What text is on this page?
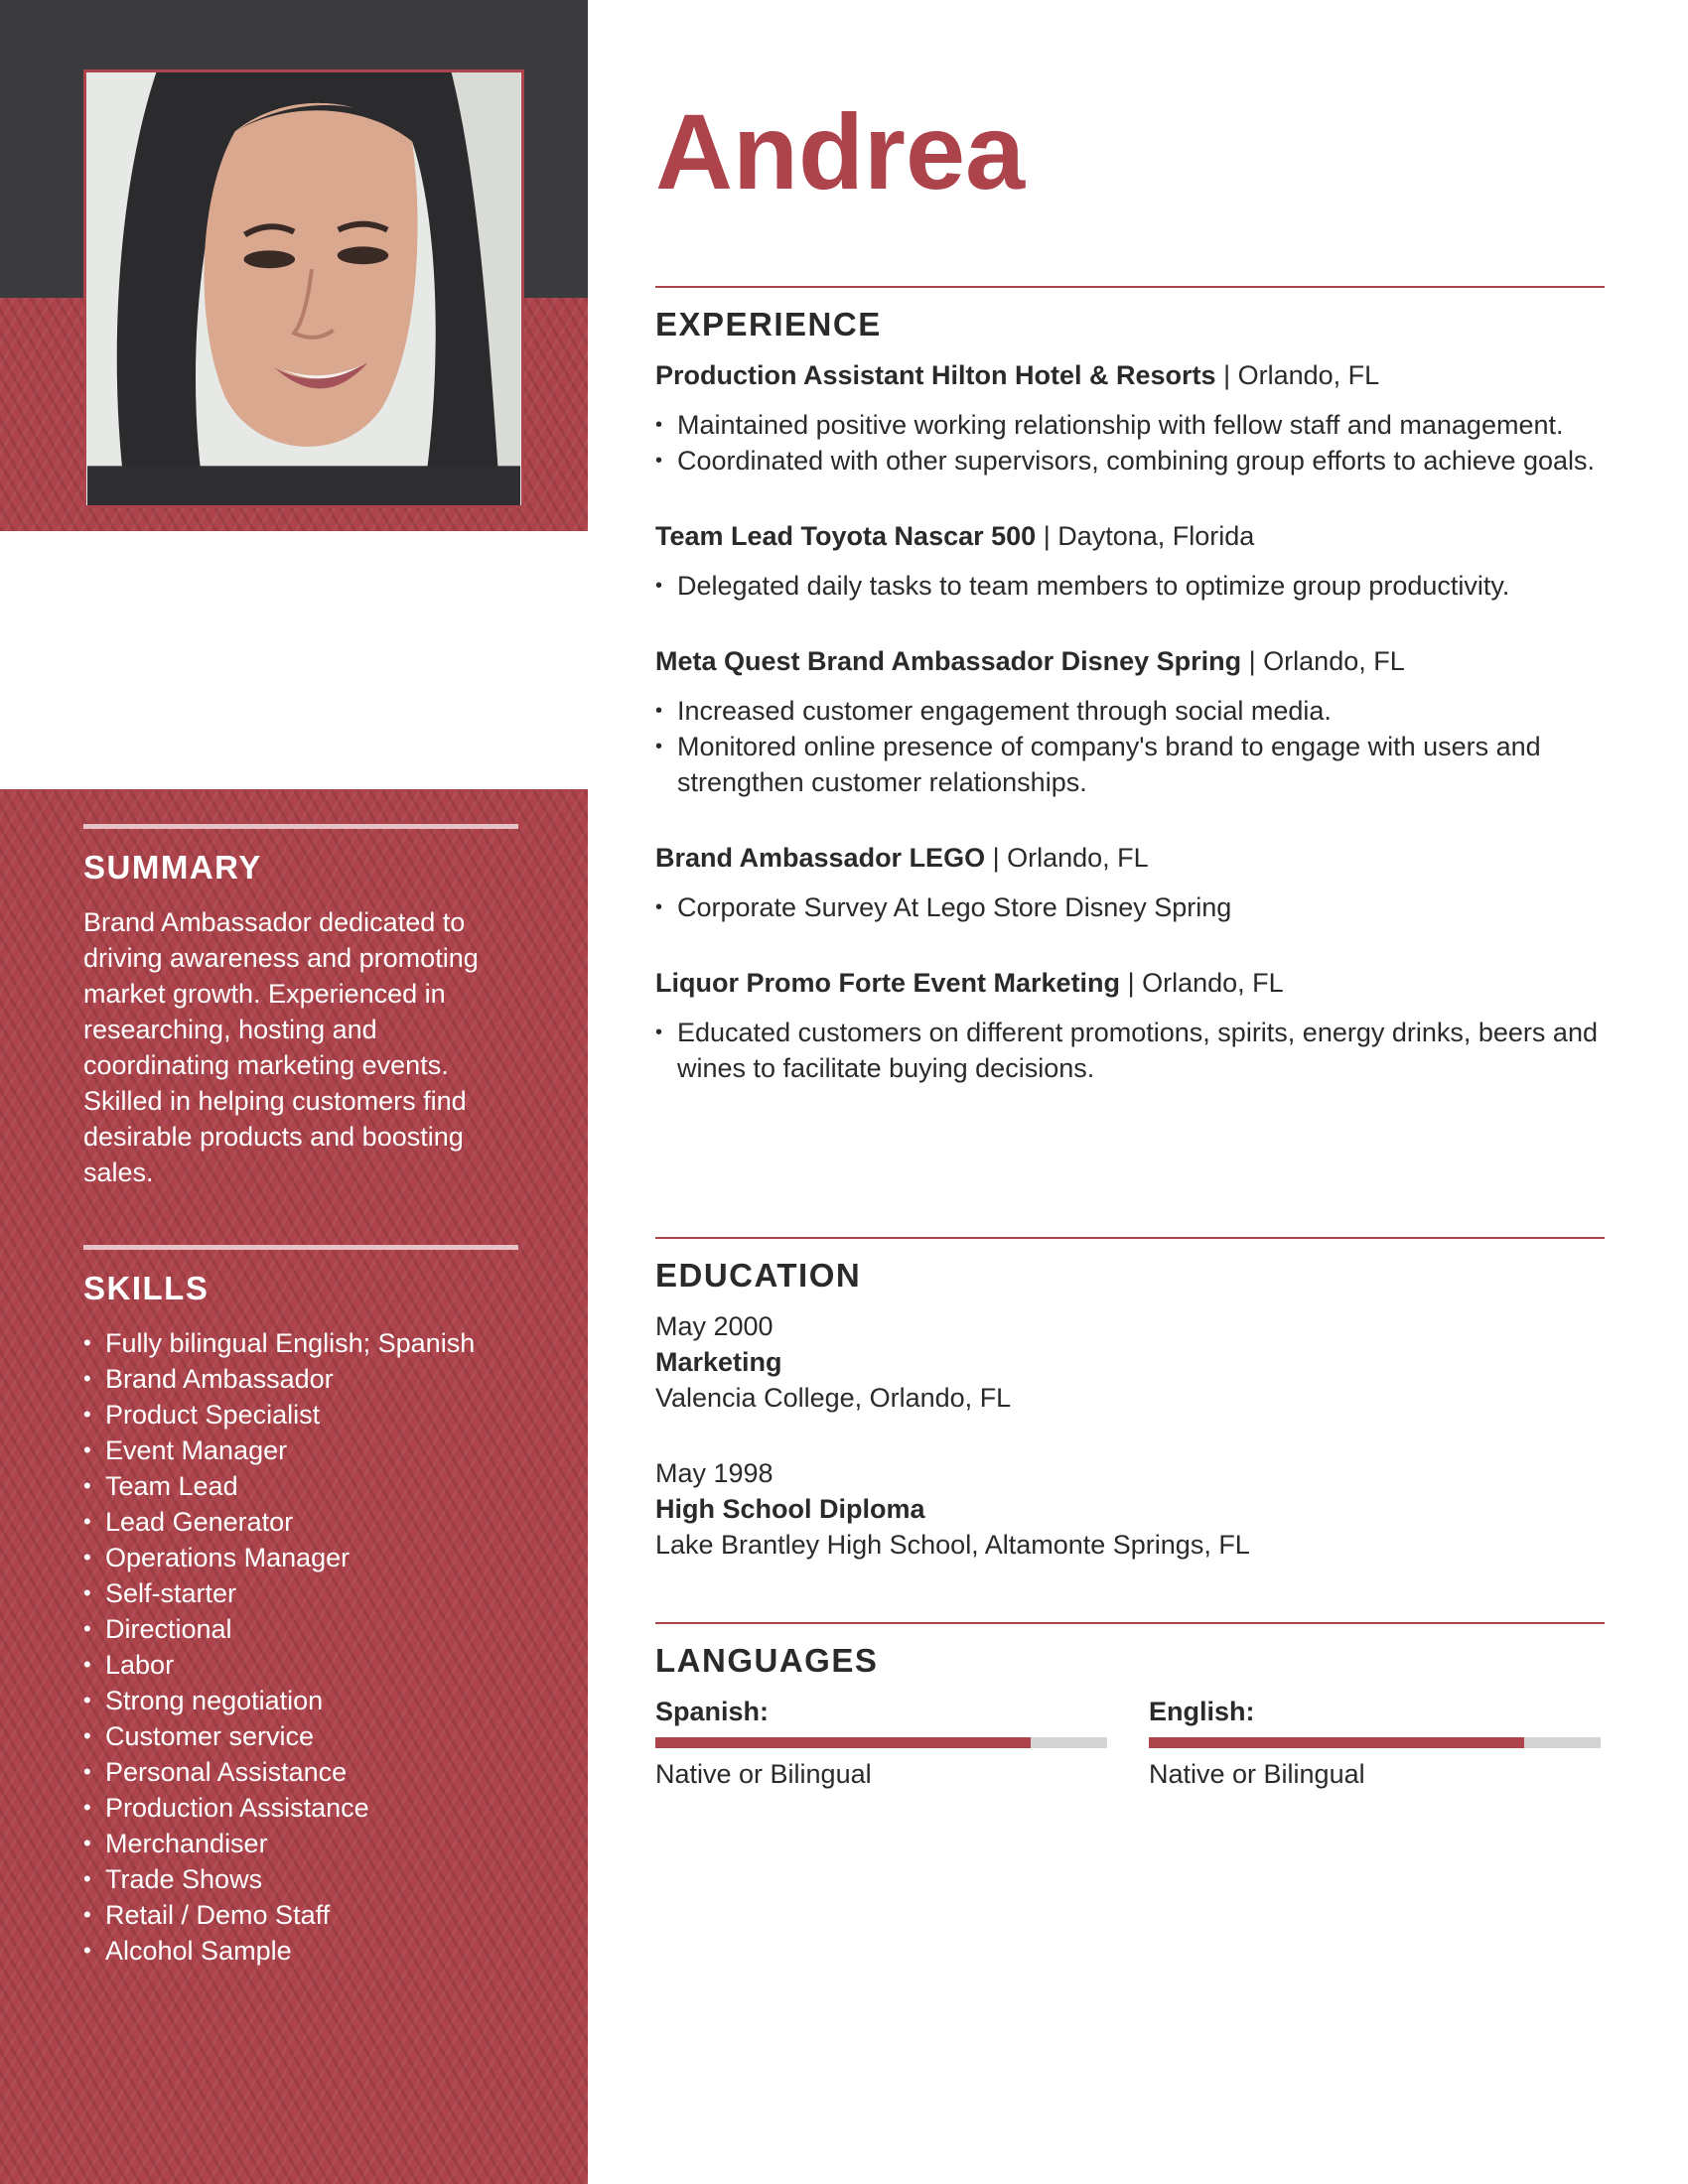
SUMMARY

Brand Ambassador dedicated to driving awareness and promoting market growth. Experienced in researching, hosting and coordinating marketing events. Skilled in helping customers find desirable products and boosting sales.

SKILLS
• Fully bilingual English; Spanish
• Brand Ambassador
• Product Specialist
• Event Manager
• Team Lead
• Lead Generator
• Operations Manager
• Self-starter
• Directional
• Labor
• Strong negotiation
• Customer service
• Personal Assistance
• Production Assistance
• Merchandiser
• Trade Shows
• Retail / Demo Staff
• Alcohol Sample
Andrea
EXPERIENCE

Production Assistant Hilton Hotel & Resorts | Orlando, FL

• Maintained positive working relationship with fellow staff and management.
• Coordinated with other supervisors, combining group efforts to achieve goals.

Team Lead Toyota Nascar 500 | Daytona, Florida

• Delegated daily tasks to team members to optimize group productivity.

Meta Quest Brand Ambassador Disney Spring | Orlando, FL

• Increased customer engagement through social media.
• Monitored online presence of company's brand to engage with users and strengthen customer relationships.

Brand Ambassador LEGO | Orlando, FL

• Corporate Survey At Lego Store Disney Spring

Liquor Promo Forte Event Marketing | Orlando, FL

• Educated customers on different promotions, spirits, energy drinks, beers and wines to facilitate buying decisions.
EDUCATION
May 2000
Marketing
Valencia College, Orlando, FL
May 1998
High School Diploma
Lake Brantley High School, Altamonte Springs, FL
LANGUAGES
Spanish:
Native or Bilingual
English:
Native or Bilingual
